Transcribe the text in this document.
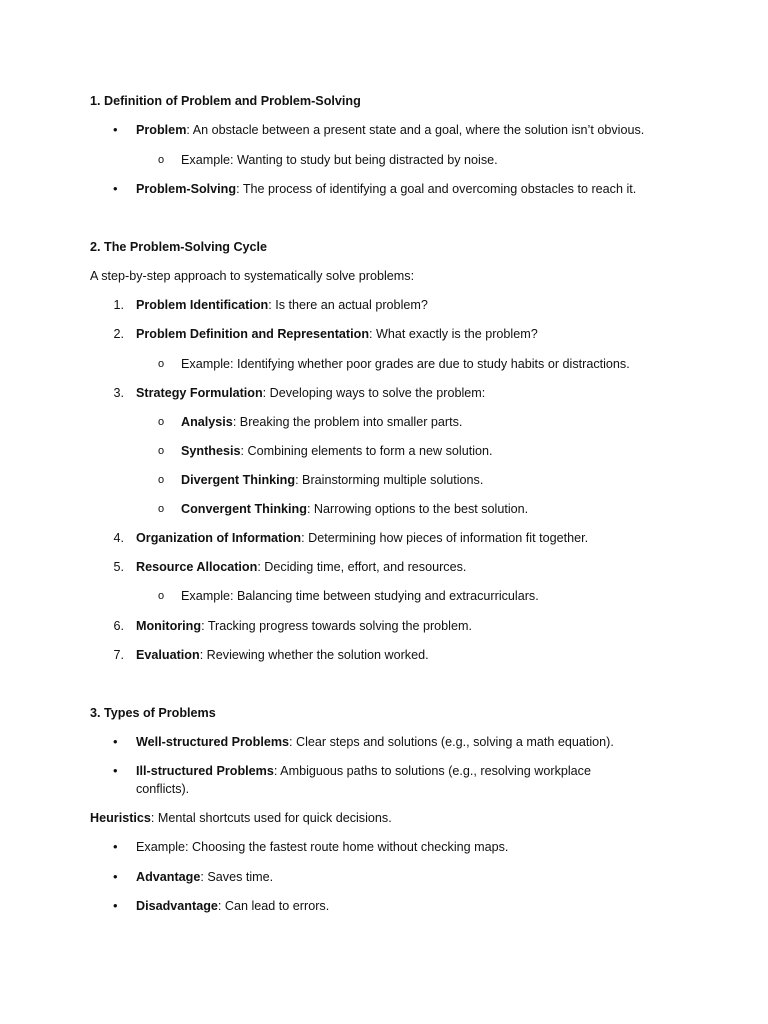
1. Definition of Problem and Problem-Solving
• Problem: An obstacle between a present state and a goal, where the solution isn’t obvious.
o Example: Wanting to study but being distracted by noise.
• Problem-Solving: The process of identifying a goal and overcoming obstacles to reach it.
2. The Problem-Solving Cycle
A step-by-step approach to systematically solve problems:
1. Problem Identification: Is there an actual problem?
2. Problem Definition and Representation: What exactly is the problem?
o Example: Identifying whether poor grades are due to study habits or distractions.
3. Strategy Formulation: Developing ways to solve the problem:
o Analysis: Breaking the problem into smaller parts.
o Synthesis: Combining elements to form a new solution.
o Divergent Thinking: Brainstorming multiple solutions.
o Convergent Thinking: Narrowing options to the best solution.
4. Organization of Information: Determining how pieces of information fit together.
5. Resource Allocation: Deciding time, effort, and resources.
o Example: Balancing time between studying and extracurriculars.
6. Monitoring: Tracking progress towards solving the problem.
7. Evaluation: Reviewing whether the solution worked.
3. Types of Problems
• Well-structured Problems: Clear steps and solutions (e.g., solving a math equation).
• Ill-structured Problems: Ambiguous paths to solutions (e.g., resolving workplace
conflicts).
Heuristics: Mental shortcuts used for quick decisions.
• Example: Choosing the fastest route home without checking maps.
• Advantage: Saves time.
• Disadvantage: Can lead to errors.
